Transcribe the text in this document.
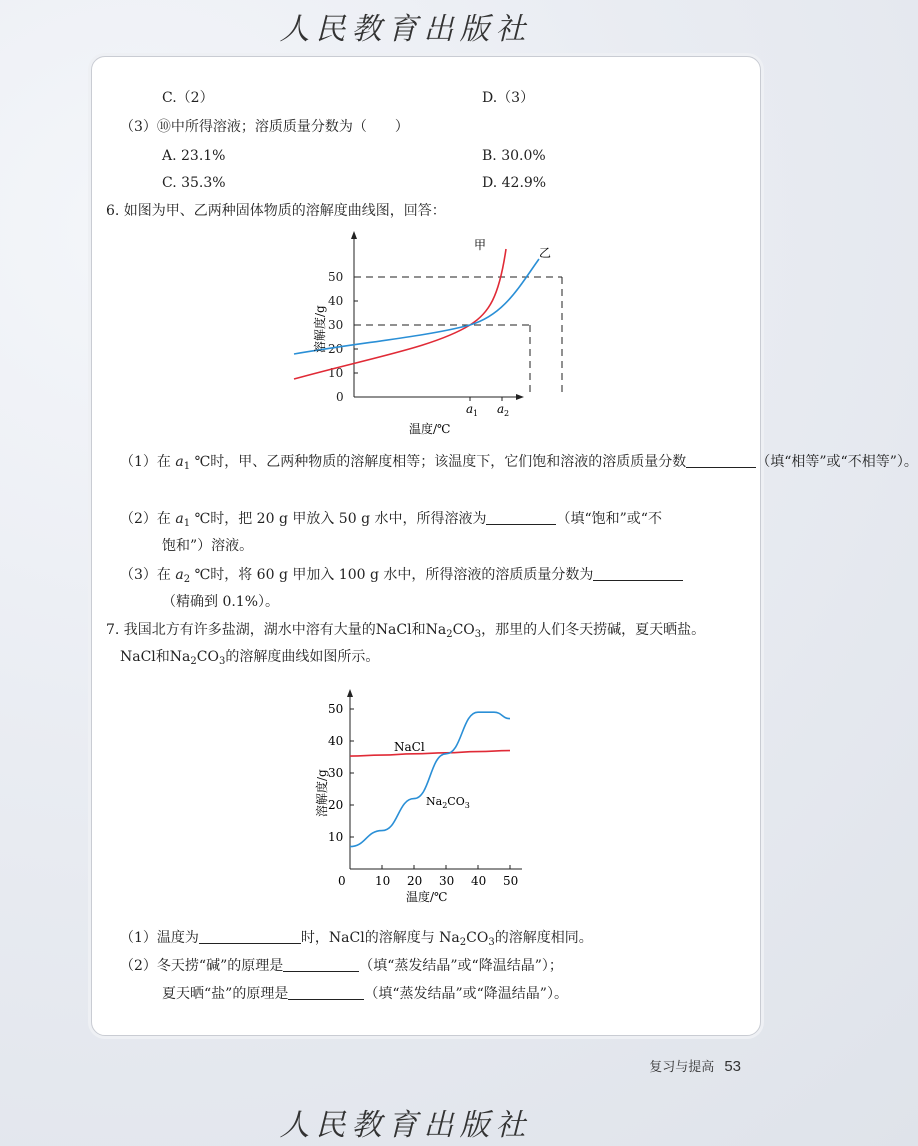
人民教育出版社
C.（2）	D.（3）
（3）⑩中所得溶液；溶质质量分数为（　　）
A. 23.1%	B. 30.0%
C. 35.3%	D. 42.9%
6. 如图为甲、乙两种固体物质的溶解度曲线图，回答：
0
10
20
30
40
50
a 1 a 2
甲
乙
温度/℃
溶解度/g
（1）在 $a_1$ ℃时，甲、乙两种物质的溶解度相等；该温度下，它们饱和溶液的溶质质量分数	（填“相等”或“不相等”）。
（2）在 $a_1$ ℃时，把 20 g 甲放入 50 g 水中，所得溶液为	（填“饱和”或“不
饱和”）溶液。
（3）在 $a_2$ ℃时，将 60 g 甲加入 100 g 水中，所得溶液的溶质质量分数为
（精确到 0.1%）。
7. 我国北方有许多盐湖，湖水中溶有大量的NaCl和$Na_2CO_3$，那里的人们冬天捞碱，夏天晒盐。
NaCl和$Na_2CO_3$的溶解度曲线如图所示。
0 10 20 30 40 50
10
20
30
40
50
NaCl
$Na_2CO_3$
温度/℃
溶解度/g
（1）温度为	时，NaCl的溶解度与 $Na_2CO_3$的溶解度相同。
（2）冬天捞“碱”的原理是	（填“蒸发结晶”或“降温结晶”）；
夏天晒“盐”的原理是	（填“蒸发结晶”或“降温结晶”）。
复习与提高 53
人民教育出版社
